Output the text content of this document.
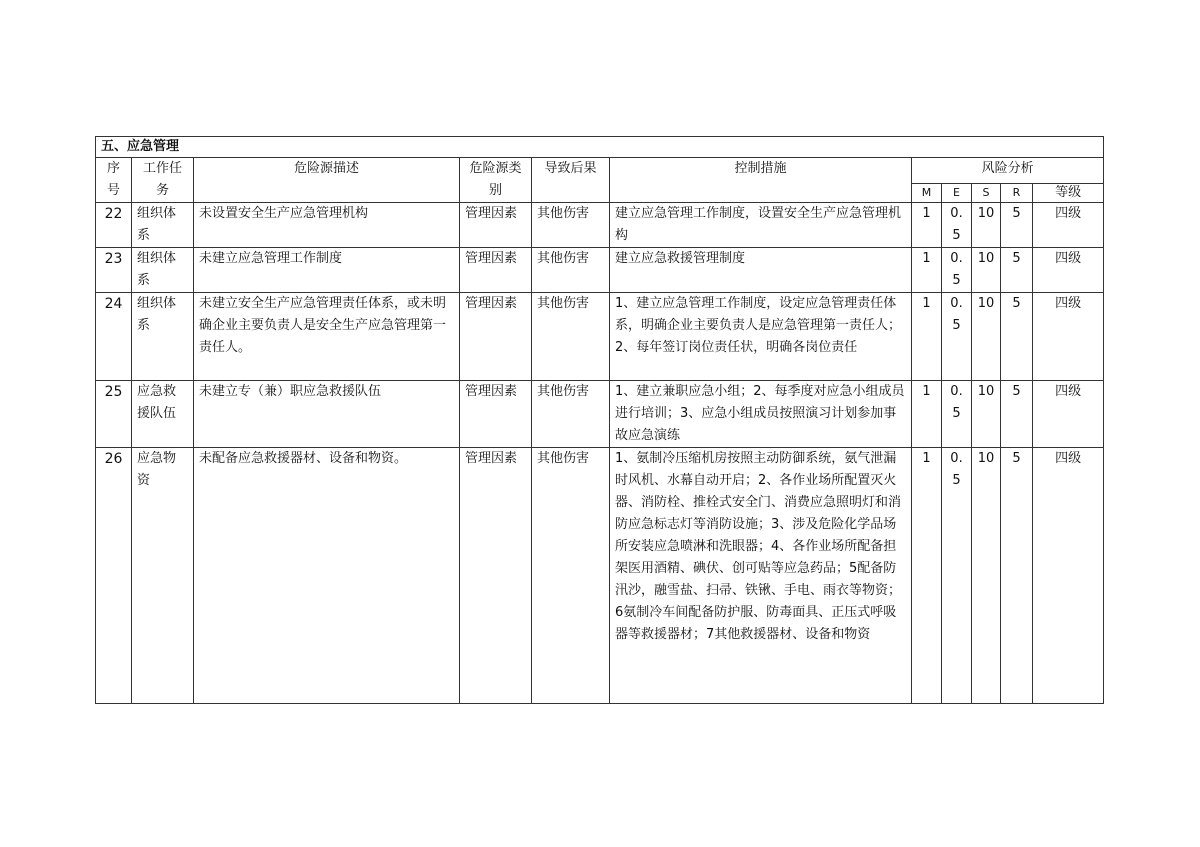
五、应急管理										
序号	工作任务	危险源描述	危险源类别	导致后果	控制措施	风险分析				
						M	E	S	R	等级
22	组织体系	未设置安全生产应急管理机构	管理因素	其他伤害	建立应急管理工作制度，设置安全生产应急管理机构	1	0.5	10	5	四级
23	组织体系	未建立应急管理工作制度	管理因素	其他伤害	建立应急救援管理制度	1	0.5	10	5	四级
24	组织体系	未建立安全生产应急管理责任体系，或未明确企业主要负责人是安全生产应急管理第一责任人。	管理因素	其他伤害	1、建立应急管理工作制度，设定应急管理责任体系，明确企业主要负责人是应急管理第一责任人；2、每年签订岗位责任状，明确各岗位责任	1	0.5	10	5	四级
25	应急救援队伍	未建立专（兼）职应急救援队伍	管理因素	其他伤害	1、建立兼职应急小组；2、每季度对应急小组成员进行培训；3、应急小组成员按照演习计划参加事故应急演练	1	0.5	10	5	四级
26	应急物资	未配备应急救援器材、设备和物资。	管理因素	其他伤害	1、氨制冷压缩机房按照主动防御系统，氨气泄漏时风机、水幕自动开启；2、各作业场所配置灭火器、消防栓、推栓式安全门、消费应急照明灯和消防应急标志灯等消防设施；3、涉及危险化学品场所安装应急喷淋和洗眼器；4、各作业场所配备担架医用酒精、碘伏、创可贴等应急药品；5配备防汛沙，融雪盐、扫帚、铁锹、手电、雨衣等物资；6氨制冷车间配备防护服、防毒面具、正压式呼吸器等救援器材；7其他救援器材、设备和物资	1	0.5	10	5	四级
